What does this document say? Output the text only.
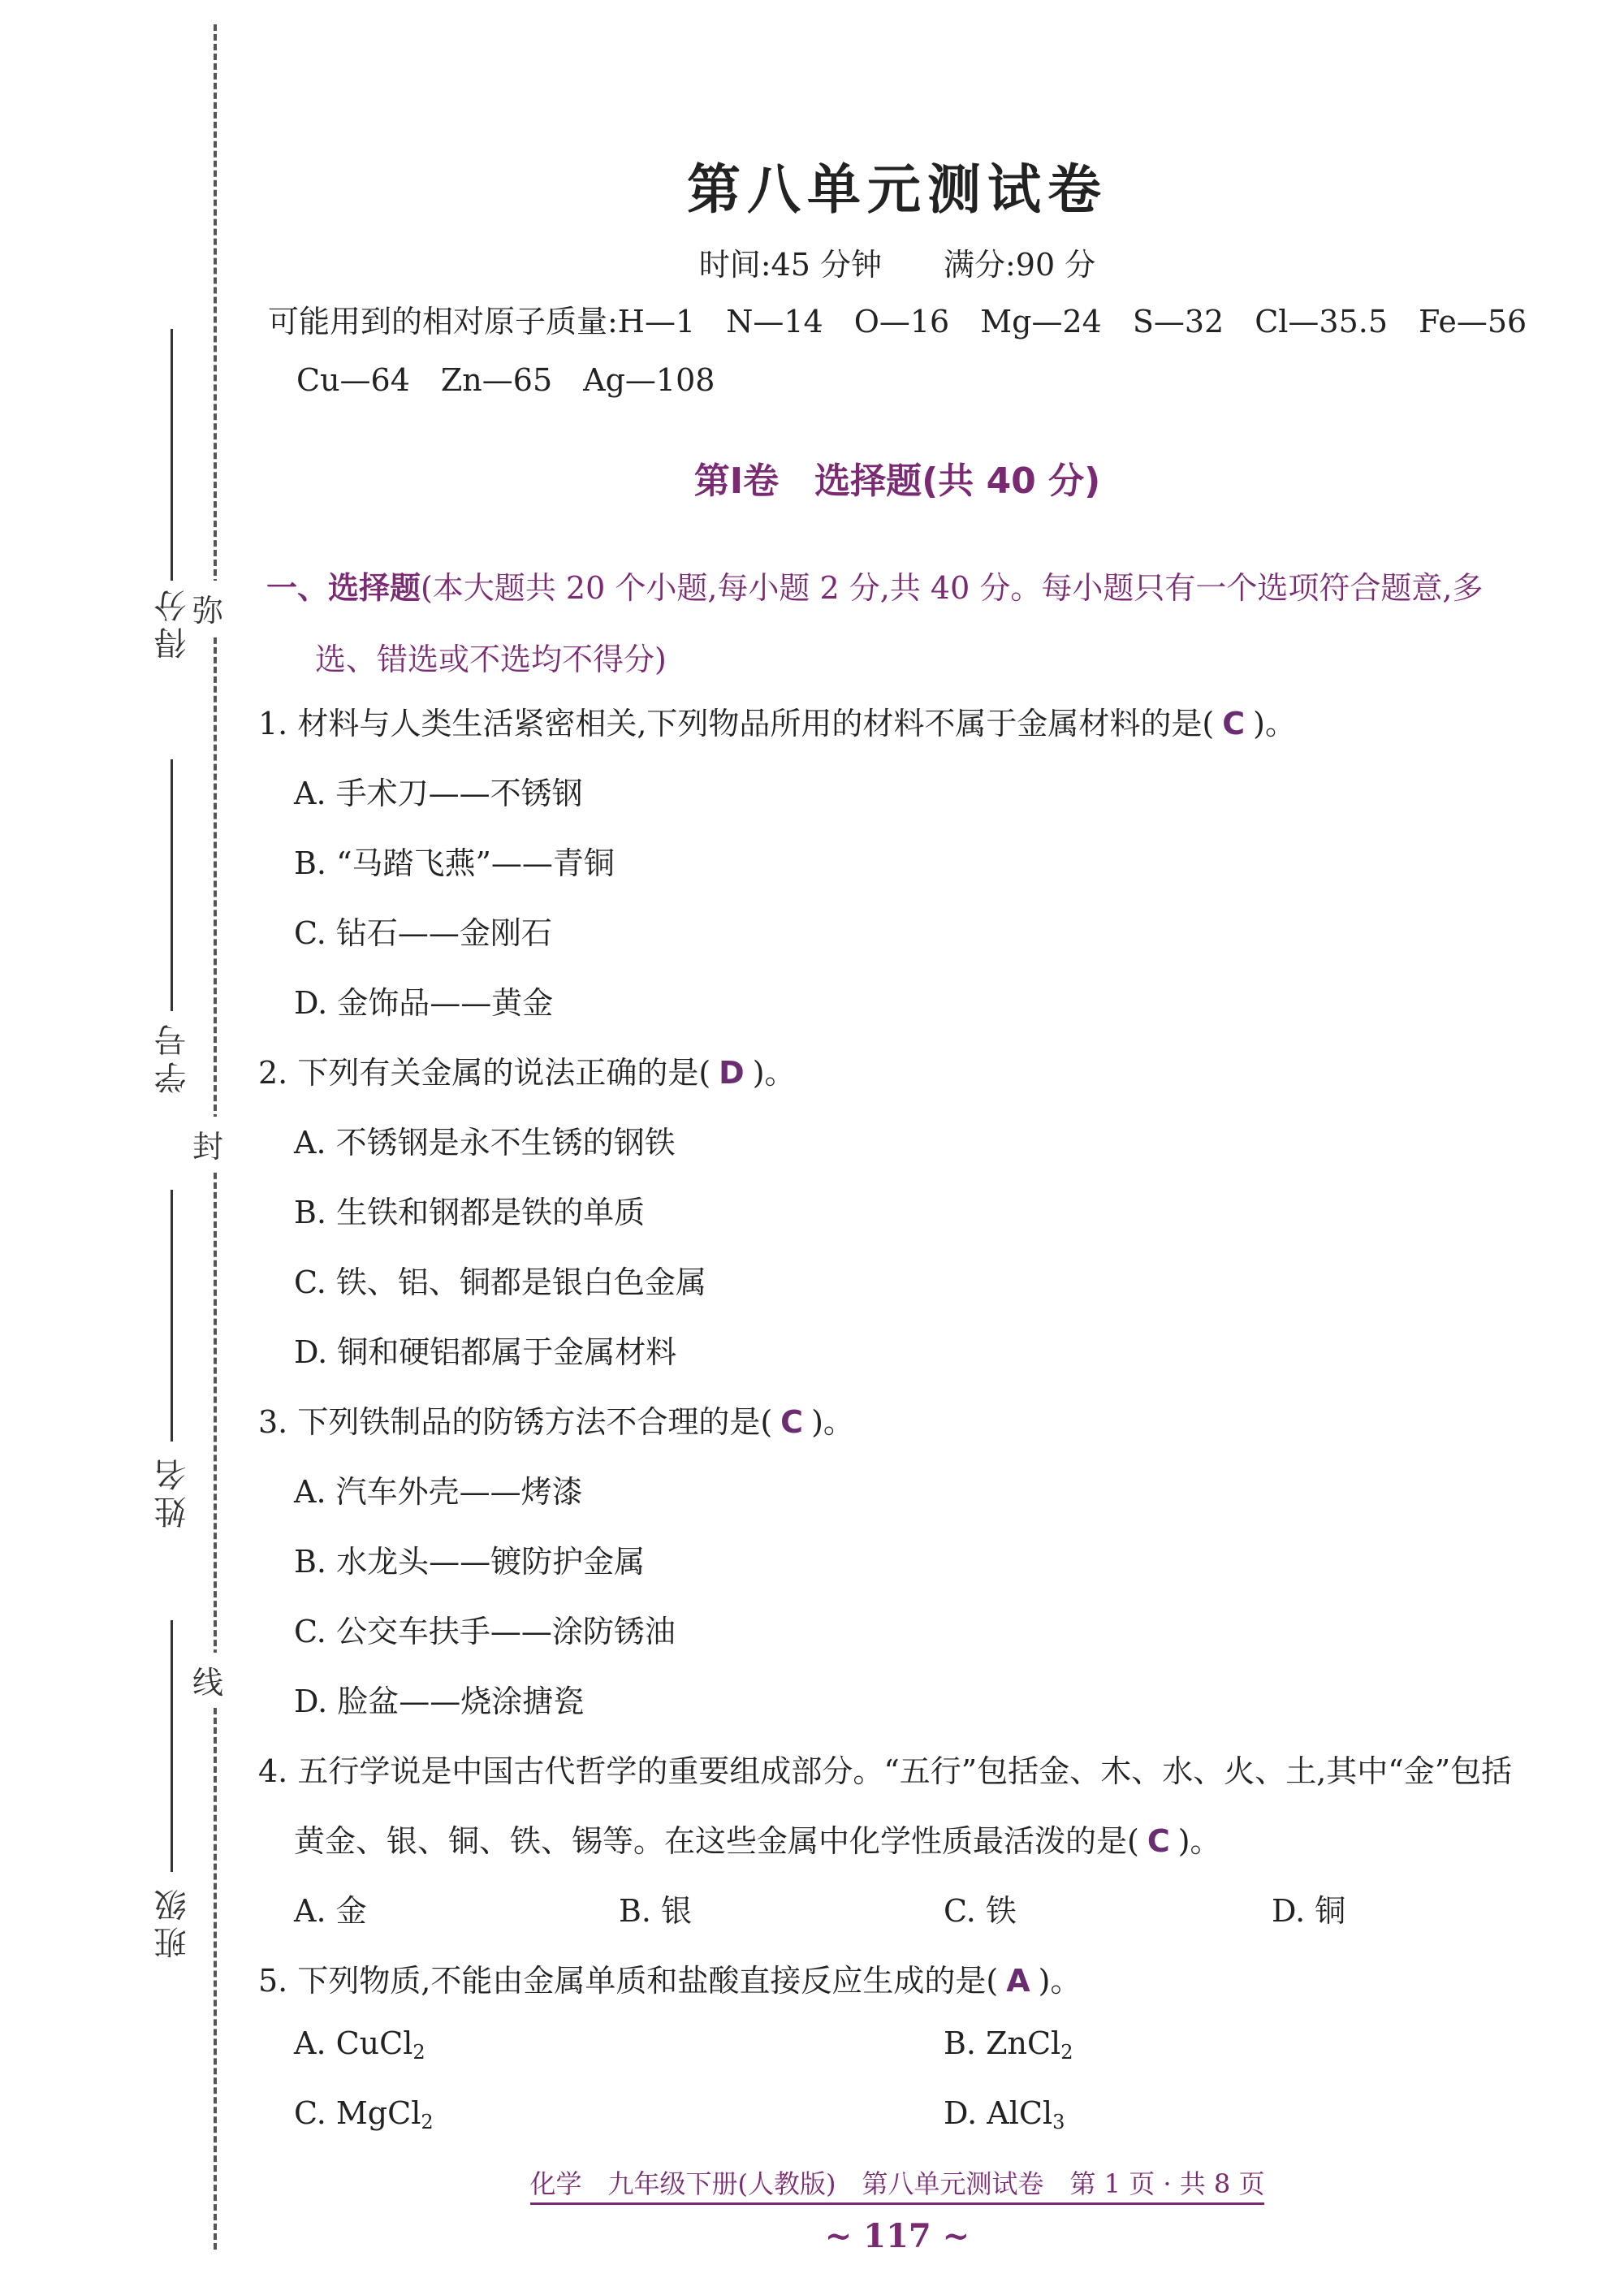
得分
学号
姓名
班级
弥
封
线
第八单元测试卷
时间:45 分钟　　 满分:90 分
可能用到的相对原子质量:H—1　N—14　O—16　Mg—24　S—32　Cl—35.5　Fe—56
Cu—64　Zn—65　Ag—108
第Ⅰ卷　选择题(共 40 分)
一、选择题(本大题共 20 个小题,每小题 2 分,共 40 分。每小题只有一个选项符合题意,多
选、错选或不选均不得分)
1. 材料与人类生活紧密相关,下列物品所用的材料不属于金属材料的是( C )。
A. 手术刀——不锈钢
B. “马踏飞燕”——青铜
C. 钻石——金刚石
D. 金饰品——黄金
2. 下列有关金属的说法正确的是( D )。
A. 不锈钢是永不生锈的钢铁
B. 生铁和钢都是铁的单质
C. 铁、铝、铜都是银白色金属
D. 铜和硬铝都属于金属材料
3. 下列铁制品的防锈方法不合理的是( C )。
A. 汽车外壳——烤漆
B. 水龙头——镀防护金属
C. 公交车扶手——涂防锈油
D. 脸盆——烧涂搪瓷
4. 五行学说是中国古代哲学的重要组成部分。“五行”包括金、木、水、火、土,其中“金”包括
黄金、银、铜、铁、锡等。在这些金属中化学性质最活泼的是( C )。
A. 金	B. 银	C. 铁	D. 铜
5. 下列物质,不能由金属单质和盐酸直接反应生成的是( A )。
A. CuCl$_2$	B. ZnCl$_2$
C. MgCl$_2$	D. AlCl$_3$
化学　九年级下册(人教版)　第八单元测试卷　第 1 页 · 共 8 页
~ 117 ~
